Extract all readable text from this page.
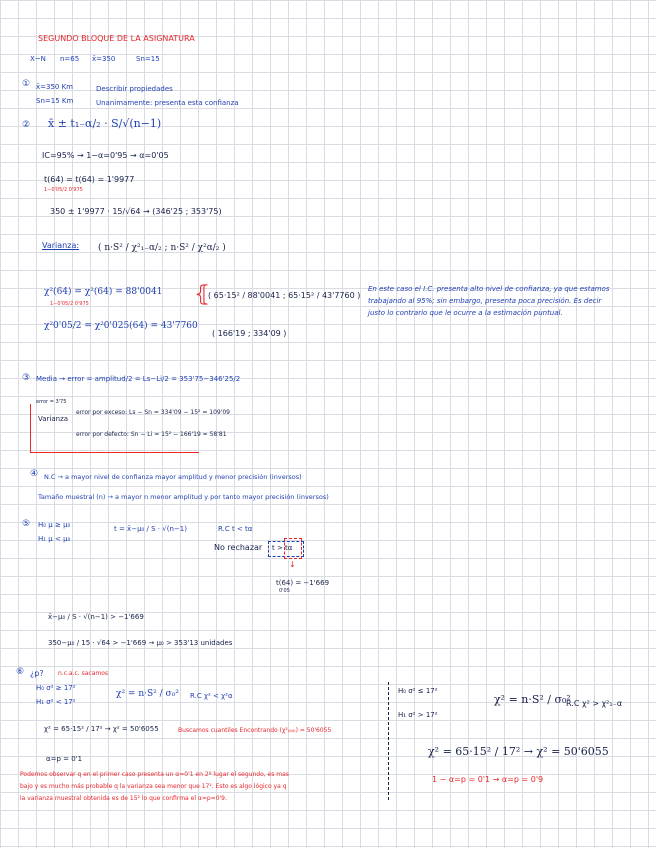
SEGUNDO BLOQUE DE LA ASIGNATURA
X~N n=65 x̄=350	Sn=15
① x̄=350 Km	Describir propiedades
Sn=15 Km	Unanimamente: presenta esta confianza
② x̄ ± t₁₋α/₂ · S/√(n−1)
IC=95% → 1−α=0'95 → α=0'05
t(64) = t(64) = 1'9977
1−0'05/2 0'975
350 ± 1'9977 · 15/√64 → (346'25 ; 353'75)
Varianza: ( n·S² / χ²₁₋α/₂ ; n·S² / χ²α/₂ )
χ²(64) = χ²(64) = 88'0041
1−0'05/2 0'975
χ²0'05/2 = χ²0'025(64) = 43'7760
⦃
( 65·15² / 88'0041 ; 65·15² / 43'7760 )
( 166'19 ; 334'09 )
En este caso el I.C. presenta alto nivel de confianza, ya que estamos
trabajando al 95%; sin embargo, presenta poca precisión. Es decir
justo lo contrario que le ocurre a la estimación puntual.
③ Media → error = amplitud/2 = Ls−Li/2 = 353'75−346'25/2
error = 3'75
Varianza
error por exceso: Ls − Sn = 334'09 − 15² = 109'09
error por defecto: Sn − Li = 15² − 166'19 = 58'81
④ N.C → a mayor nivel de confianza mayor amplitud y menor precisión (inversos)
Tamaño muestral (n) → a mayor n menor amplitud y por tanto mayor precisión (inversos)
⑤ H₀ μ ≥ μ₀
H₁ μ < μ₀
t = x̄−μ₀ / S · √(n−1)	R.C t < tα
No rechazar t > tα
↓
t(64) = −1'669
0'05
x̄−μ₀ / S · √(n−1) > −1'669
350−μ₀ / 15 · √64 > −1'669 → μ₀ > 353'13 unidades
⑥ ¿p? n.c.a.c. sacamos
H₀ σ² ≥ 17²
H₁ σ² < 17²
χ² = n·S² / σ₀² R.C χ² < χ²α
χ² = 65·15² / 17² → χ² = 50'6055	Buscamos cuantiles Encontrando (χ²₍₆₄₎) = 50'6055
α=p = 0'1
Podemos observar q en el primer caso presenta un α=0'1 en 2º lugar el segundo, es mas
bajo y es mucho más probable q la varianza sea menor que 17². Esto es algo lógico ya q
la varianza muestral obtenida es de 15² lo que confirma el α=p=0'9.
H₀ σ² ≤ 17²
H₁ σ² > 17²
χ² = n·S² / σ₀²
R.C χ² > χ²₁₋α
χ² = 65·15² / 17² → χ² = 50'6055
1 − α=p = 0'1 → α=p = 0'9
